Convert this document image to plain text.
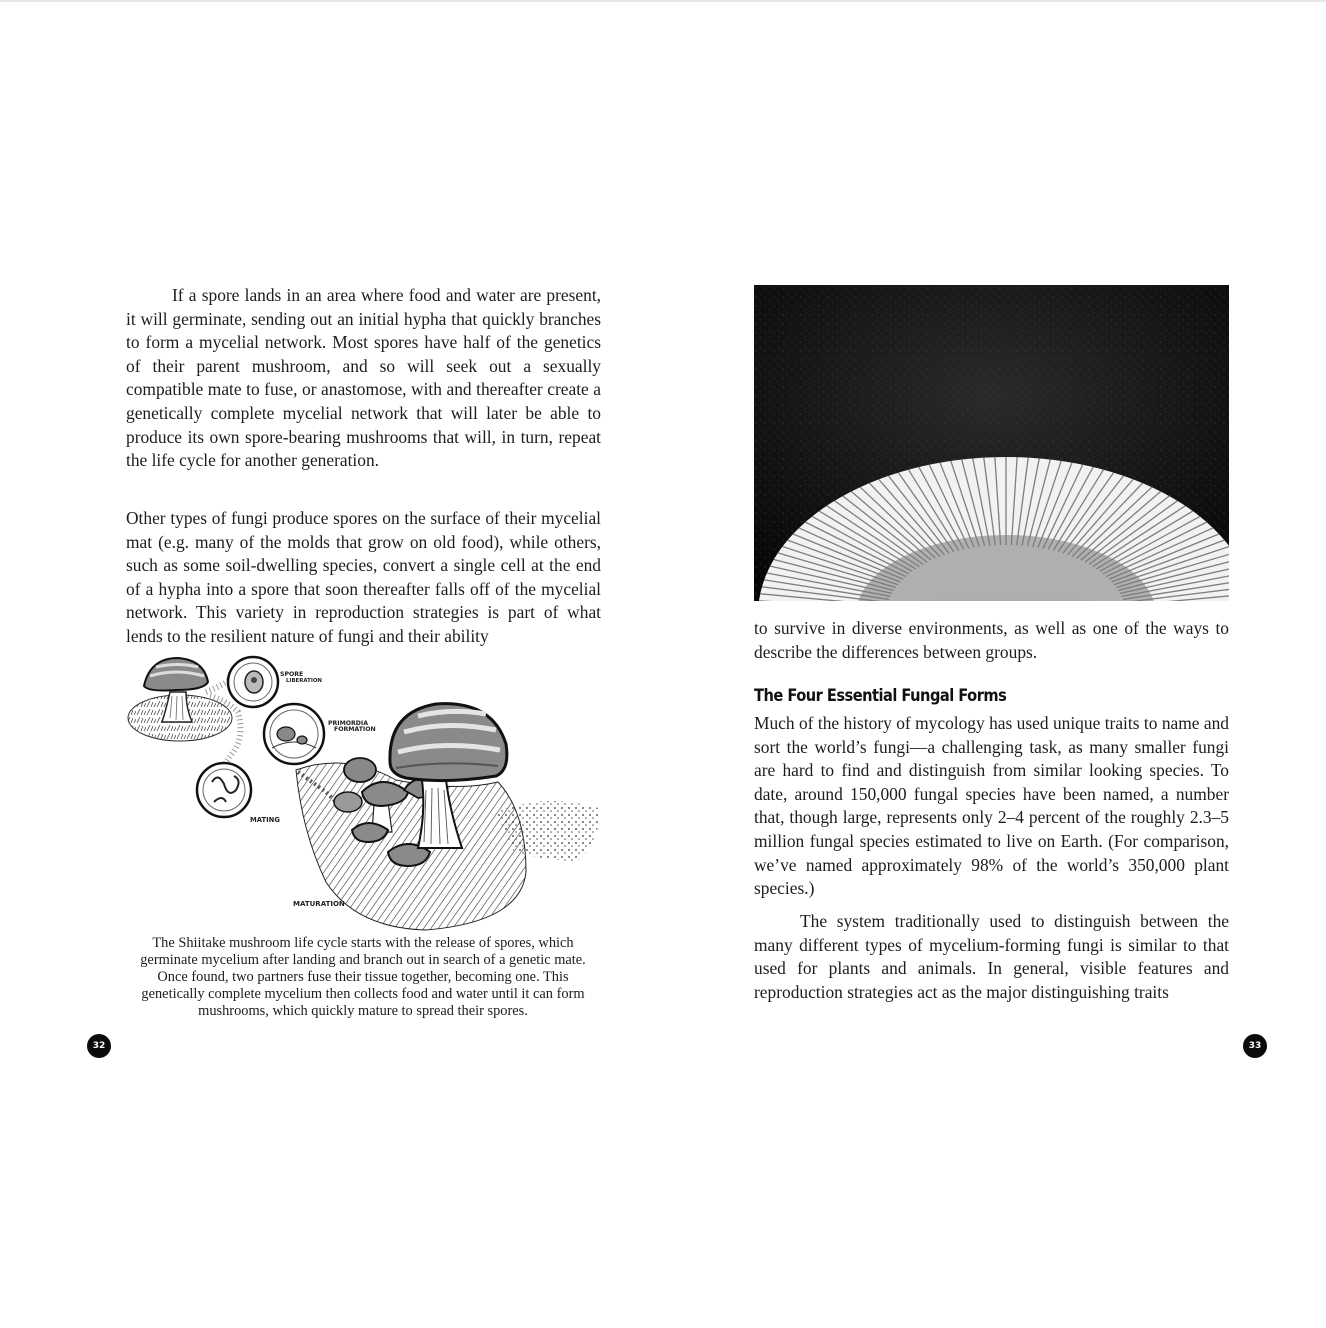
If a spore lands in an area where food and water are present, it will germinate, sending out an initial hypha that quickly branches to form a mycelial network. Most spores have half of the genetics of their parent mushroom, and so will seek out a sexually compatible mate to fuse, or anastomose, with and thereafter create a genetically complete mycelial network that will later be able to produce its own spore-bearing mushrooms that will, in turn, repeat the life cycle for another generation.

Other types of fungi produce spores on the surface of their mycelial mat (e.g. many of the molds that grow on old food), while others, such as some soil-dwelling species, convert a single cell at the end of a hypha into a spore that soon thereafter falls off of the mycelial network. This variety in reproduction strategies is part of what lends to the resilient nature of fungi and their ability

SPORE
LIBERATION
PRIMORDIA
FORMATION
MATING
MATURATION

The Shiitake mushroom life cycle starts with the release of spores, which germinate mycelium after landing and branch out in search of a genetic mate. Once found, two partners fuse their tissue together, becoming one. This genetically complete mycelium then collects food and water until it can form mushrooms, which quickly mature to spread their spores.

32

to survive in diverse environments, as well as one of the ways to describe the differences between groups.

The Four Essential Fungal Forms

Much of the history of mycology has used unique traits to name and sort the world’s fungi—a challenging task, as many smaller fungi are hard to find and distinguish from similar looking species. To date, around 150,000 fungal species have been named, a number that, though large, represents only 2–4 percent of the roughly 2.3–5 million fungal species estimated to live on Earth. (For comparison, we’ve named approximately 98% of the world’s 350,000 plant species.)

The system traditionally used to distinguish between the many different types of mycelium-forming fungi is similar to that used for plants and animals. In general, visible features and reproduction strategies act as the major distinguishing traits

33
